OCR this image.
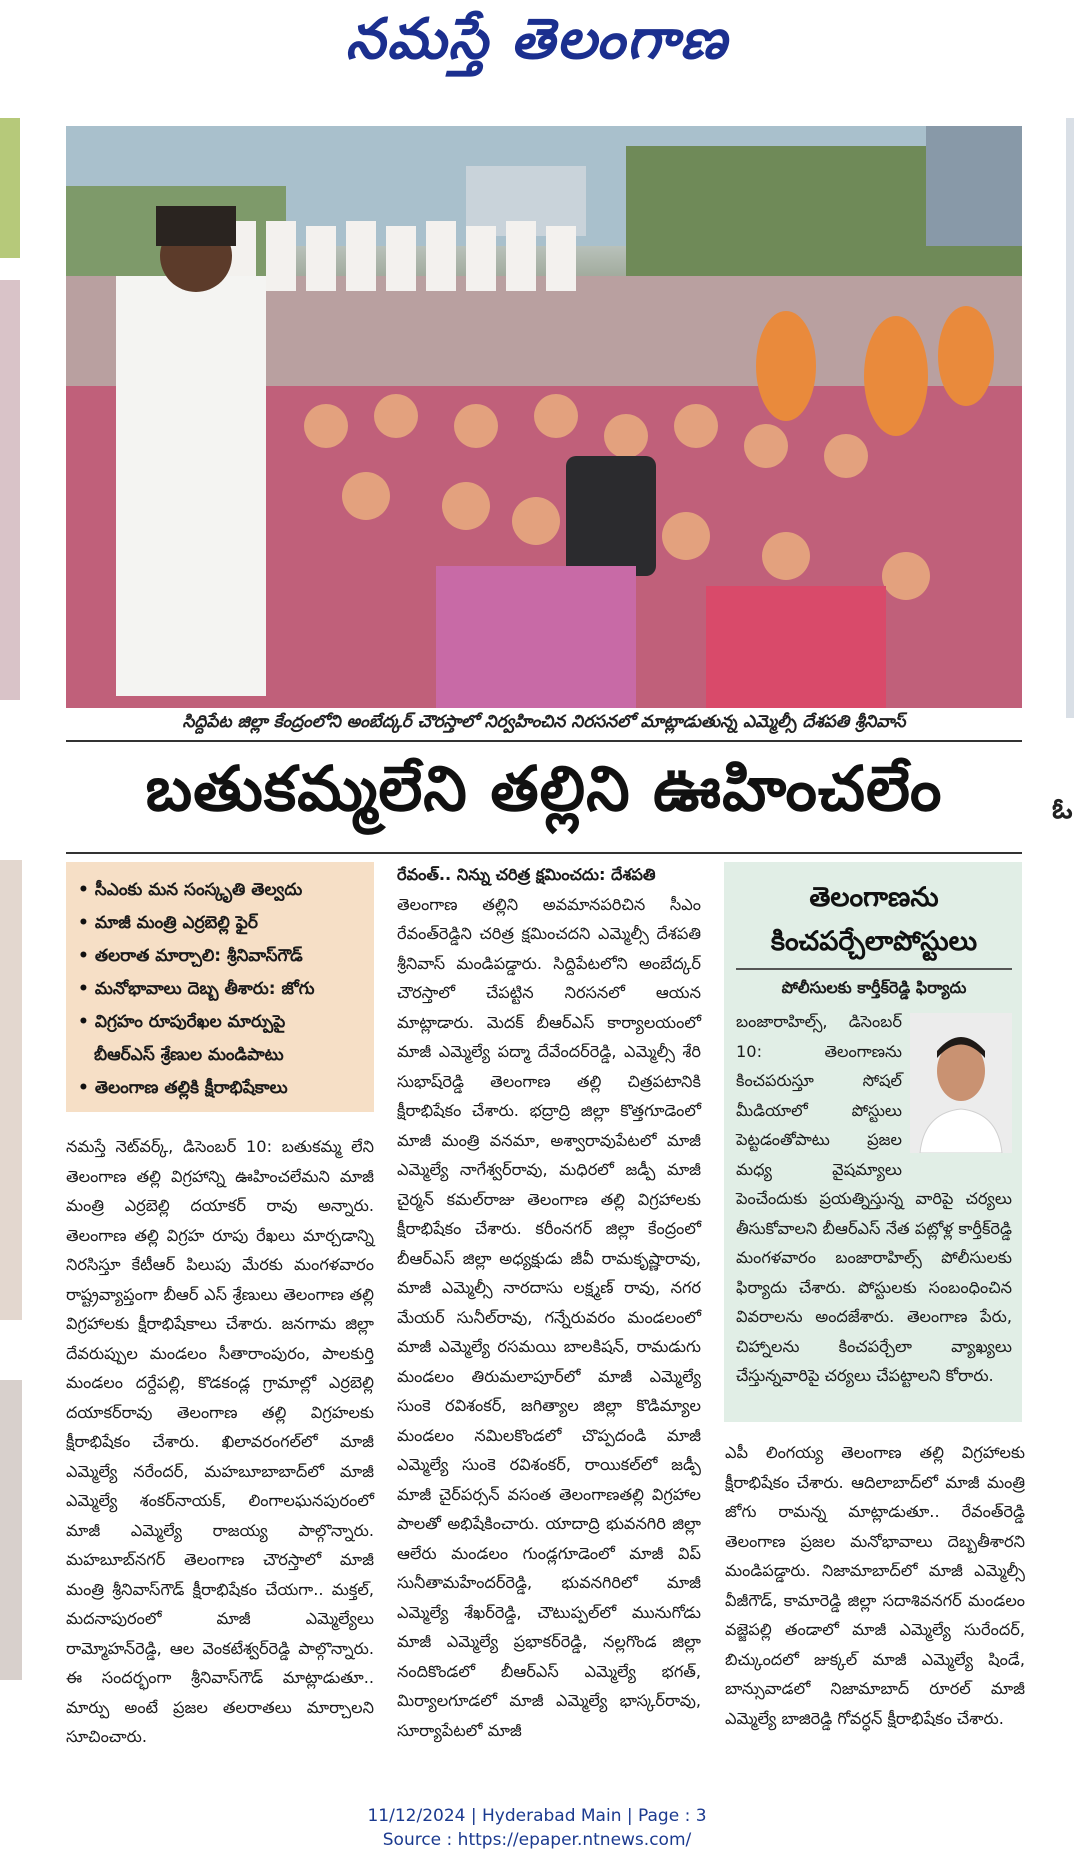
నమస్తే తెలంగాణ
ఓ
సిద్దిపేట జిల్లా కేంద్రంలోని అంబేద్కర్ చౌరస్తాలో నిర్వహించిన నిరసనలో మాట్లాడుతున్న ఎమ్మెల్సీ దేశపతి శ్రీనివాస్
బతుకమ్మలేని తల్లిని ఊహించలేం
• సీఎంకు మన సంస్కృతి తెల్వదు
• మాజీ మంత్రి ఎర్రబెల్లి ఫైర్
• తలరాత మార్చాలి: శ్రీనివాస్‌గౌడ్
• మనోభావాలు దెబ్బ తీశారు: జోగు
• విగ్రహం రూపురేఖల మార్పుపై
బీఆర్‌ఎస్ శ్రేణుల మండిపాటు
• తెలంగాణ తల్లికి క్షీరాభిషేకాలు

నమస్తే నెట్‌వర్క్, డిసెంబర్ 10: బతుకమ్మ లేని తెలంగాణ తల్లి విగ్రహాన్ని ఊహించలేమని మాజీ మంత్రి ఎర్రబెల్లి దయాకర్ రావు అన్నారు. తెలంగాణ తల్లి విగ్రహ రూపు రేఖలు మార్చడాన్ని నిరసిస్తూ కేటీఆర్ పిలుపు మేరకు మంగళవారం రాష్ట్రవ్యాప్తంగా బీఆర్ ఎస్ శ్రేణులు తెలంగాణ తల్లి విగ్రహాలకు క్షీరాభిషేకాలు చేశారు. జనగామ జిల్లా దేవరుప్పుల మండలం సీతారాంపురం, పాలకుర్తి మండలం దర్దేపల్లి, కొడకండ్ల గ్రామాల్లో ఎర్రబెల్లి దయాకర్‌రావు తెలంగాణ తల్లి విగ్రహలకు క్షీరాభిషేకం చేశారు. ఖిలావరంగల్‌లో మాజీ ఎమ్మెల్యే నరేందర్, మహబూబాబాద్‌లో మాజీ ఎమ్మెల్యే శంకర్‌నాయక్, లింగాలఘనపురంలో మాజీ ఎమ్మెల్యే రాజయ్య పాల్గొన్నారు. మహబూబ్‌నగర్ తెలంగాణ చౌరస్తాలో మాజీ మంత్రి శ్రీనివాస్‌గౌడ్ క్షీరాభిషేకం చేయగా.. మక్తల్, మదనాపురంలో మాజీ ఎమ్మెల్యేలు రామ్మోహన్‌రెడ్డి, ఆల వెంకటేశ్వర్‌రెడ్డి పాల్గొన్నారు. ఈ సందర్భంగా శ్రీనివాస్‌గౌడ్ మాట్లాడుతూ.. మార్పు అంటే ప్రజల తలరాతలు మార్చాలని సూచించారు.

రేవంత్.. నిన్ను చరిత్ర క్షమించదు: దేశపతి

తెలంగాణ తల్లిని అవమానపరిచిన సీఎం రేవంత్‌రెడ్డిని చరిత్ర క్షమించదని ఎమ్మెల్సీ దేశపతి శ్రీనివాస్ మండిపడ్డారు. సిద్దిపేటలోని అంబేద్కర్ చౌరస్తాలో చేపట్టిన నిరసనలో ఆయన మాట్లాడారు. మెదక్ బీఆర్‌ఎస్ కార్యాలయంలో మాజీ ఎమ్మెల్యే పద్మా దేవేందర్‌రెడ్డి, ఎమ్మెల్సీ శేరి సుభాష్‌రెడ్డి తెలంగాణ తల్లి చిత్రపటానికి క్షీరాభిషేకం చేశారు. భద్రాద్రి జిల్లా కొత్తగూడెంలో మాజీ మంత్రి వనమా, అశ్వారావుపేటలో మాజీ ఎమ్మెల్యే నాగేశ్వర్‌రావు, మధిరలో జడ్పీ మాజీ చైర్మన్ కమల్‌రాజు తెలంగాణ తల్లి విగ్రహాలకు క్షీరాభిషేకం చేశారు. కరీంనగర్ జిల్లా కేంద్రంలో బీఆర్‌ఎస్ జిల్లా అధ్యక్షుడు జీవీ రామకృష్ణారావు, మాజీ ఎమ్మెల్సీ నారదాసు లక్ష్మణ్ రావు, నగర మేయర్ సునీల్‌రావు, గన్నేరువరం మండలంలో మాజీ ఎమ్మెల్యే రసమయి బాలకిషన్, రామడుగు మండలం తిరుమలాపూర్‌లో మాజీ ఎమ్మెల్యే సుంకె రవిశంకర్, జగిత్యాల జిల్లా కొడిమ్యాల మండలం నమిలకొండలో చొప్పదండి మాజీ ఎమ్మెల్యే సుంకె రవిశంకర్, రాయికల్‌లో జడ్పీ మాజీ చైర్‌పర్సన్ వసంత తెలంగాణతల్లి విగ్రహాల పాలతో అభిషేకించారు. యాదాద్రి భువనగిరి జిల్లా ఆలేరు మండలం గుండ్లగూడెంలో మాజీ విప్ సునీతామహేందర్‌రెడ్డి, భువనగిరిలో మాజీ ఎమ్మెల్యే శేఖర్‌రెడ్డి, చౌటుప్పల్‌లో మునుగోడు మాజీ ఎమ్మెల్యే ప్రభాకర్‌రెడ్డి, నల్లగొండ జిల్లా నందికొండలో బీఆర్‌ఎస్ ఎమ్మెల్యే భగత్, మిర్యాలగూడలో మాజీ ఎమ్మెల్యే భాస్కర్‌రావు, సూర్యాపేటలో మాజీ

తెలంగాణను
కించపర్చేలాపోస్టులు
పోలీసులకు కార్తీక్‌రెడ్డి ఫిర్యాదు
బంజారాహిల్స్, డిసెంబర్ 10: తెలంగాణను కించపరుస్తూ సోషల్ మీడియాలో పోస్టులు పెట్టడంతోపాటు ప్రజల మధ్య వైషమ్యాలు పెంచేందుకు ప్రయత్నిస్తున్న వారిపై చర్యలు తీసుకోవాలని బీఆర్‌ఎస్ నేత పట్లోళ్ల కార్తీక్‌రెడ్డి మంగళవారం బంజారాహిల్స్ పోలీసులకు ఫిర్యాదు చేశారు. పోస్టులకు సంబంధించిన వివరాలను అందజేశారు. తెలంగాణ పేరు, చిహ్నాలను కించపర్చేలా వ్యాఖ్యలు చేస్తున్నవారిపై చర్యలు చేపట్టాలని కోరారు.

ఎపీ లింగయ్య తెలంగాణ తల్లి విగ్రహాలకు క్షీరాభిషేకం చేశారు. ఆదిలాబాద్‌లో మాజీ మంత్రి జోగు రామన్న మాట్లాడుతూ.. రేవంత్‌రెడ్డి తెలంగాణ ప్రజల మనోభావాలు దెబ్బతీశారని మండిపడ్డారు. నిజామాబాద్‌లో మాజీ ఎమ్మెల్సీ వీజీగౌడ్, కామారెడ్డి జిల్లా సదాశివనగర్ మండలం వజ్జెపల్లి తండాలో మాజీ ఎమ్మెల్యే సురేందర్, బిచ్కుందలో జుక్కల్ మాజీ ఎమ్మెల్యే షిండే, బాన్సువాడలో నిజామాబాద్ రూరల్ మాజీ ఎమ్మెల్యే బాజిరెడ్డి గోవర్ధన్ క్షీరాభిషేకం చేశారు.

11/12/2024 | Hyderabad Main | Page : 3
Source : https://epaper.ntnews.com/
